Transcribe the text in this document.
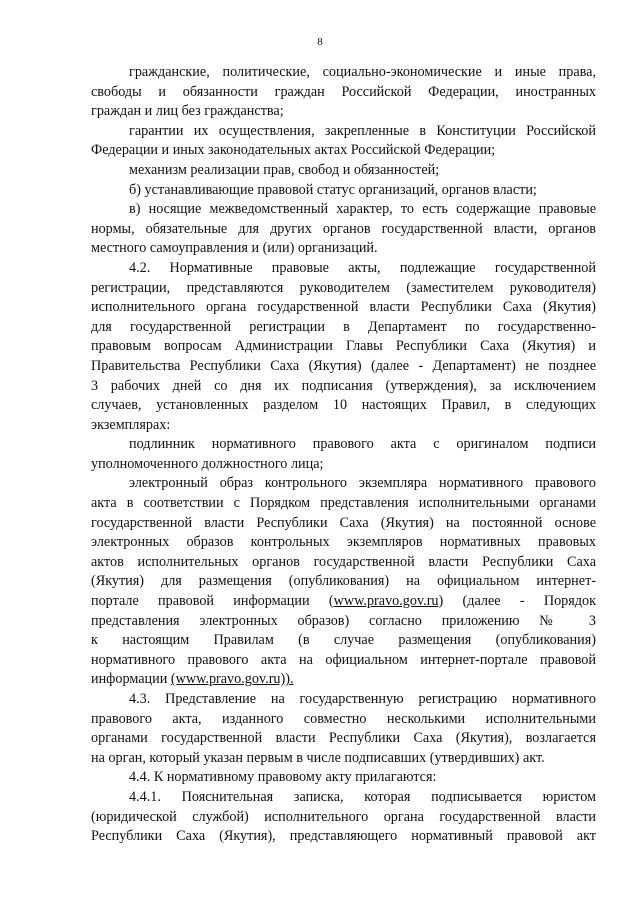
8
гражданские, политические, социально-экономические и иные права,
свободы и обязанности граждан Российской Федерации, иностранных
граждан и лиц без гражданства;
гарантии их осуществления, закрепленные в Конституции Российской
Федерации и иных законодательных актах Российской Федерации;
механизм реализации прав, свобод и обязанностей;
б) устанавливающие правовой статус организаций, органов власти;
в) носящие межведомственный характер, то есть содержащие правовые
нормы, обязательные для других органов государственной власти, органов
местного самоуправления и (или) организаций.
4.2. Нормативные правовые акты, подлежащие государственной
регистрации, представляются руководителем (заместителем руководителя)
исполнительного органа государственной власти Республики Саха (Якутия)
для государственной регистрации в Департамент по государственно-
правовым вопросам Администрации Главы Республики Саха (Якутия) и
Правительства Республики Саха (Якутия) (далее - Департамент) не позднее
3 рабочих дней со дня их подписания (утверждения), за исключением
случаев, установленных разделом 10 настоящих Правил, в следующих
экземплярах:
подлинник нормативного правового акта с оригиналом подписи
уполномоченного должностного лица;
электронный образ контрольного экземпляра нормативного правового
акта в соответствии с Порядком представления исполнительными органами
государственной власти Республики Саха (Якутия) на постоянной основе
электронных образов контрольных экземпляров нормативных правовых
актов исполнительных органов государственной власти Республики Саха
(Якутия) для размещения (опубликования) на официальном интернет-
портале правовой информации (www.pravo.gov.ru) (далее - Порядок
представления электронных образов) согласно приложению № 3
к настоящим Правилам (в случае размещения (опубликования)
нормативного правового акта на официальном интернет-портале правовой
информации (www.pravo.gov.ru)).
4.3. Представление на государственную регистрацию нормативного
правового акта, изданного совместно несколькими исполнительными
органами государственной власти Республики Саха (Якутия), возлагается
на орган, который указан первым в числе подписавших (утвердивших) акт.
4.4. К нормативному правовому акту прилагаются:
4.4.1. Пояснительная записка, которая подписывается юристом
(юридической службой) исполнительного органа государственной власти
Республики Саха (Якутия), представляющего нормативный правовой акт
